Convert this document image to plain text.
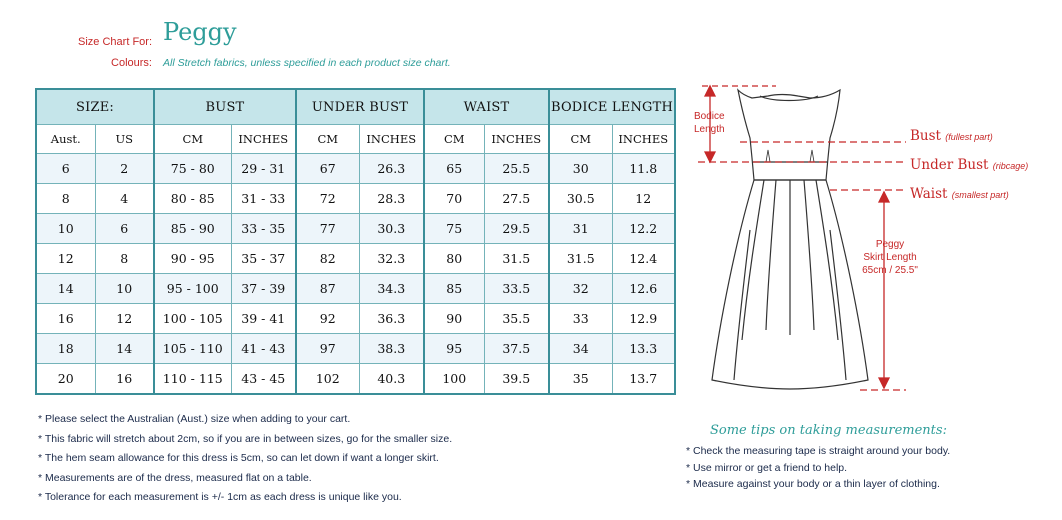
Size Chart For:
Colours:
Peggy
All Stretch fabrics, unless specified in each product size chart.
SIZE:		BUST		UNDER BUST		WAIST		BODICE LENGTH	
Aust.	US	CM	INCHES	CM	INCHES	CM	INCHES	CM	INCHES
6	2	75 - 80	29 - 31	67	26.3	65	25.5	30	11.8
8	4	80 - 85	31 - 33	72	28.3	70	27.5	30.5	12
10	6	85 - 90	33 - 35	77	30.3	75	29.5	31	12.2
12	8	90 - 95	35 - 37	82	32.3	80	31.5	31.5	12.4
14	10	95 - 100	37 - 39	87	34.3	85	33.5	32	12.6
16	12	100 - 105	39 - 41	92	36.3	90	35.5	33	12.9
18	14	105 - 110	41 - 43	97	38.3	95	37.5	34	13.3
20	16	110 - 115	43 - 45	102	40.3	100	39.5	35	13.7
* Please select the Australian (Aust.) size when adding to your cart.
* This fabric will stretch about 2cm, so if you are in between sizes, go for the smaller size.
* The hem seam allowance for this dress is 5cm, so can let down if want a longer skirt.
* Measurements are of the dress, measured flat on a table.
* Tolerance for each measurement is +/- 1cm as each dress is unique like you.
Some tips on taking measurements:
* Check the measuring tape is straight around your body.
* Use mirror or get a friend to help.
* Measure against your body or a thin layer of clothing.
Bodice
Length	Bust (fullest part)
Under Bust (ribcage)
Waist (smallest part)
Peggy
Skirt Length
65cm / 25.5"
